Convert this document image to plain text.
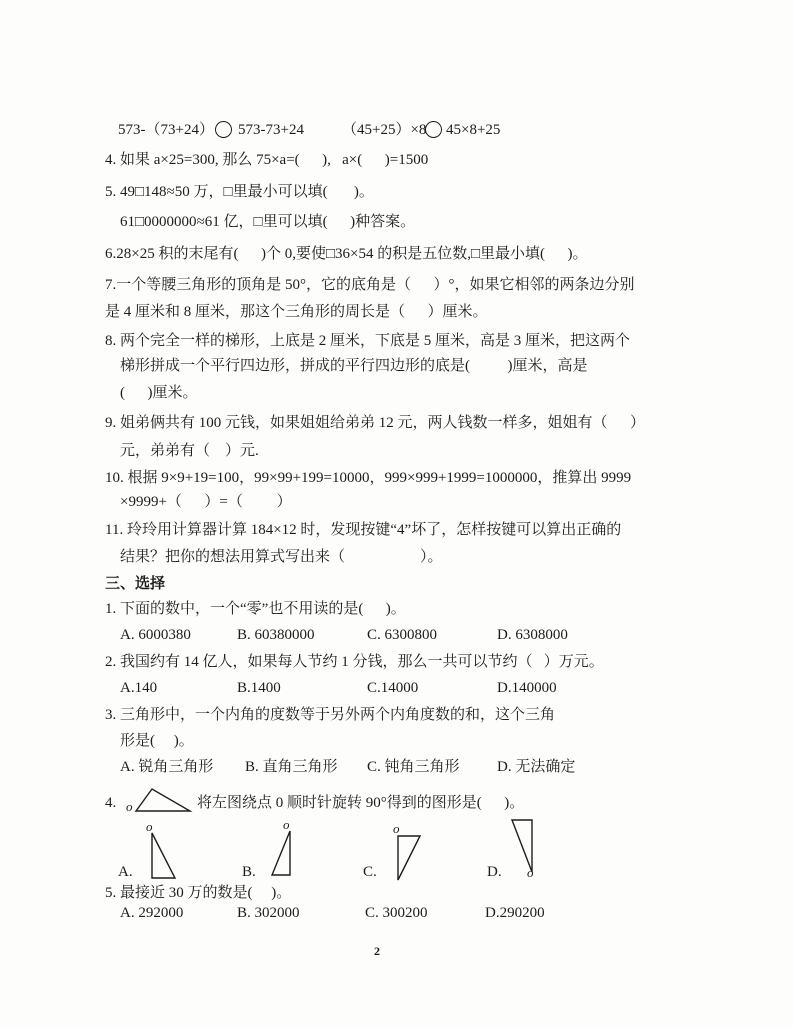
573-（73+24） 573-73+24	（45+25）×8 45×8+25
4. 如果 a×25=300, 那么 75×a=(      ),   a×(      )=1500
5. 49□148≈50 万，□里最小可以填(       )。
61□0000000≈61 亿，□里可以填(      )种答案。
6.28×25 积的末尾有(      )个 0,要使□36×54 的积是五位数,□里最小填(      )。
7.一个等腰三角形的顶角是 50°，它的底角是（      ）°，如果它相邻的两条边分别
是 4 厘米和 8 厘米，那这个三角形的周长是（      ）厘米。
8. 两个完全一样的梯形，上底是 2 厘米，下底是 5 厘米，高是 3 厘米，把这两个
梯形拼成一个平行四边形，拼成的平行四边形的底是(          )厘米，高是
(      )厘米。
9. 姐弟俩共有 100 元钱，如果姐姐给弟弟 12 元，两人钱数一样多，姐姐有（      ）
元，弟弟有（    ）元.
10. 根据 9×9+19=100，99×99+199=10000，999×999+1999=1000000，推算出 9999
×9999+（      ）=（         ）
11. 玲玲用计算器计算 184×12 时，发现按键“4”坏了，怎样按键可以算出正确的
结果？把你的想法用算式写出来（                    ）。
三、选择
1. 下面的数中，一个“零”也不用读的是(      )。
A. 6000380	B. 60380000	C. 6300800	D. 6308000
2. 我国约有 14 亿人，如果每人节约 1 分钱，那么一共可以节约（   ）万元。
A.140	B.1400	C.14000	D.140000
3. 三角形中，一个内角的度数等于另外两个内角度数的和，这个三角
形是(     )。
A. 锐角三角形 B. 直角三角形 C. 钝角三角形 D. 无法确定
4. o	将左图绕点 0 顺时针旋转 90°得到的图形是(      )。
A.
o
B.
o
C.
o
D. o
5. 最接近 30 万的数是(     )。
A. 292000	B. 302000	C. 300200	D.290200
2
